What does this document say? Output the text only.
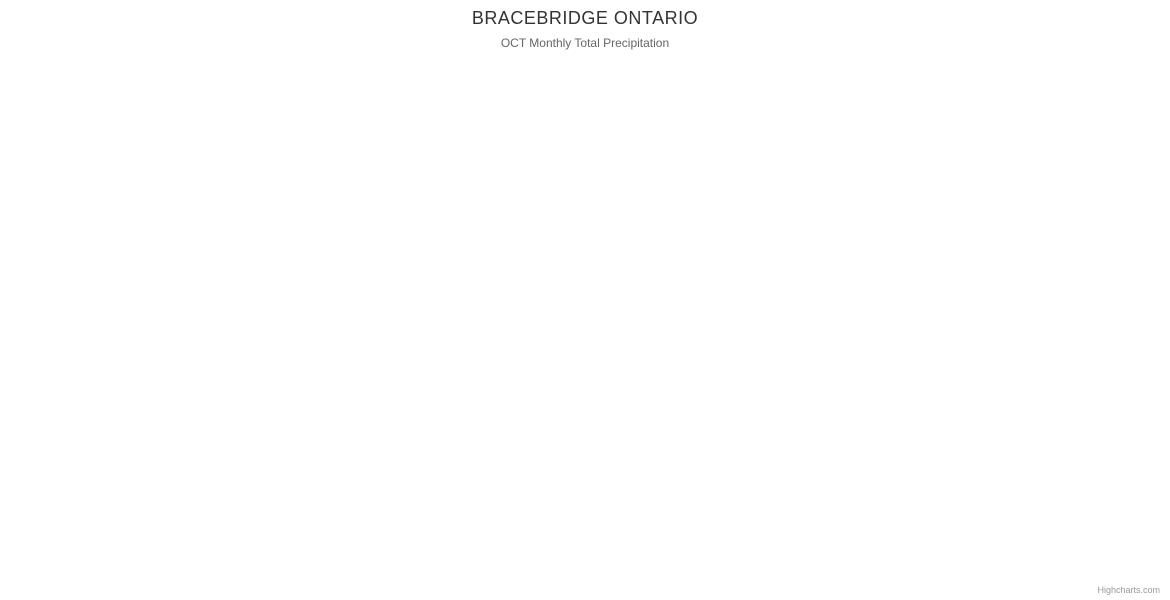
BRACEBRIDGE ONTARIO
OCT Monthly Total Precipitation
Highcharts.com
